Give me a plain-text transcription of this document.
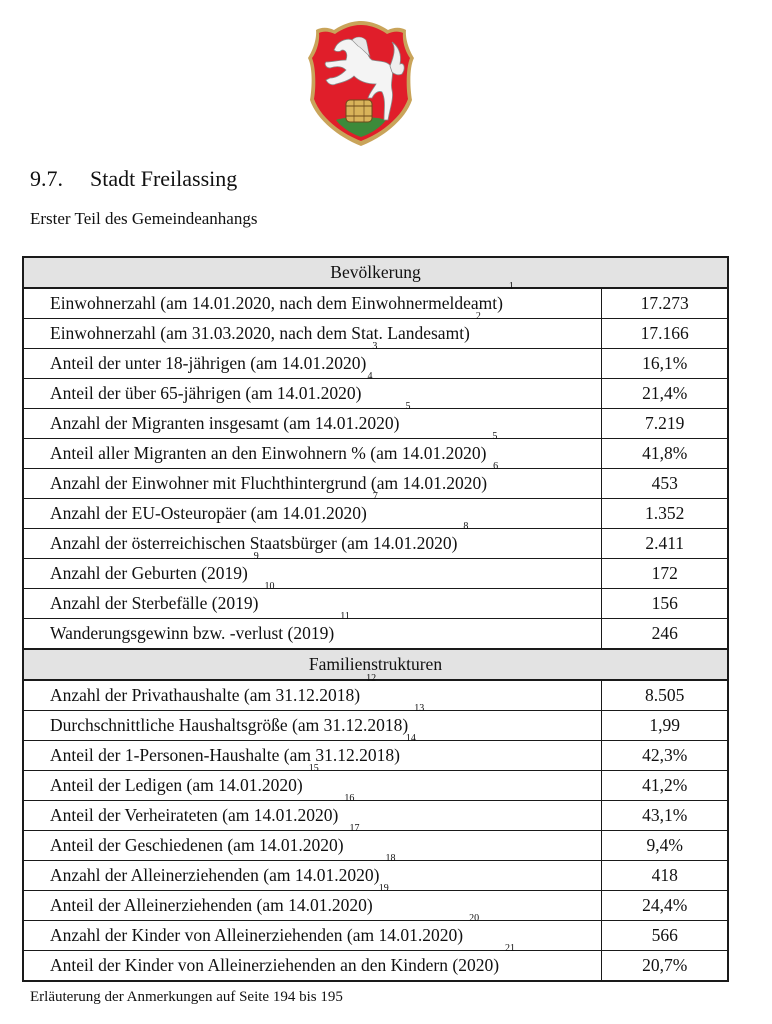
9.7. Stadt Freilassing
Erster Teil des Gemeindeanhangs
Bevölkerung	
Einwohnerzahl (am 14.01.2020, nach dem Einwohnermeldeamt)$^1$	17.273
Einwohnerzahl (am 31.03.2020, nach dem Stat. Landesamt)$^2$	17.166
Anteil der unter 18-jährigen (am 14.01.2020)$^3$	16,1%
Anteil der über 65-jährigen (am 14.01.2020)$^4$	21,4%
Anzahl der Migranten insgesamt (am 14.01.2020)$^5$	7.219
Anteil aller Migranten an den Einwohnern % (am 14.01.2020)$^5$	41,8%
Anzahl der Einwohner mit Fluchthintergrund (am 14.01.2020)$^6$	453
Anzahl der EU-Osteuropäer (am 14.01.2020)$^7$	1.352
Anzahl der österreichischen Staatsbürger (am 14.01.2020)$^8$	2.411
Anzahl der Geburten $(2019)^9$	172
Anzahl der Sterbefälle $(2019)^{10}$	156
Wanderungsgewinn bzw. -verlust $(2019)^{11}$	246
Familienstrukturen	
Anzahl der Privathaushalte (am 31.12.2018)$^{12}$	8.505
Durchschnittliche Haushaltsgröße (am 31.12.2018)$^{13}$	1,99
Anteil der 1-Personen-Haushalte (am 31.12.2018)$^{14}$	42,3%
Anteil der Ledigen (am 14.01.2020)$^{15}$	41,2%
Anteil der Verheirateten (am 14.01.2020)$^{16}$	43,1%
Anteil der Geschiedenen (am 14.01.2020)$^{17}$	9,4%
Anzahl der Alleinerziehenden (am 14.01.2020)$^{18}$	418
Anteil der Alleinerziehenden (am 14.01.2020)$^{19}$	24,4%
Anzahl der Kinder von Alleinerziehenden (am 14.01.2020)$^{20}$	566
Anteil der Kinder von Alleinerziehenden an den Kindern $(2020)^{21}$	20,7%
Erläuterung der Anmerkungen auf Seite 194 bis 195
